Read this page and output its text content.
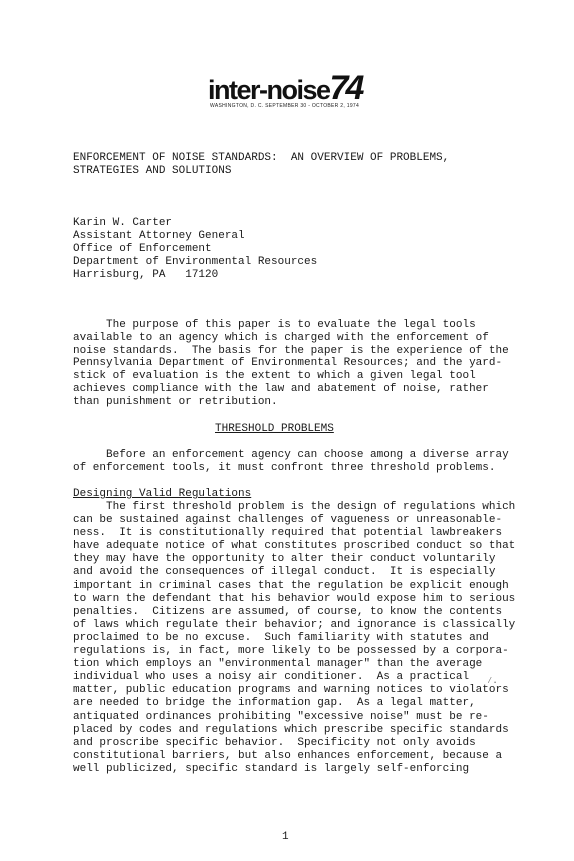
inter-noise74
WASHINGTON, D. C. SEPTEMBER 30 - OCTOBER 2, 1974
ENFORCEMENT OF NOISE STANDARDS:  AN OVERVIEW OF PROBLEMS,
STRATEGIES AND SOLUTIONS
Karin W. Carter
Assistant Attorney General
Office of Enforcement
Department of Environmental Resources
Harrisburg, PA   17120
The purpose of this paper is to evaluate the legal tools
available to an agency which is charged with the enforcement of
noise standards.  The basis for the paper is the experience of the
Pennsylvania Department of Environmental Resources; and the yard-
stick of evaluation is the extent to which a given legal tool
achieves compliance with the law and abatement of noise, rather
than punishment or retribution.
THRESHOLD PROBLEMS
Before an enforcement agency can choose among a diverse array
of enforcement tools, it must confront three threshold problems.
Designing Valid Regulations
The first threshold problem is the design of regulations which
can be sustained against challenges of vagueness or unreasonable-
ness.  It is constitutionally required that potential lawbreakers
have adequate notice of what constitutes proscribed conduct so that
they may have the opportunity to alter their conduct voluntarily
and avoid the consequences of illegal conduct.  It is especially
important in criminal cases that the regulation be explicit enough
to warn the defendant that his behavior would expose him to serious
penalties.  Citizens are assumed, of course, to know the contents
of laws which regulate their behavior; and ignorance is classically
proclaimed to be no excuse.  Such familiarity with statutes and
regulations is, in fact, more likely to be possessed by a corpora-
tion which employs an "environmental manager" than the average
individual who uses a noisy air conditioner.  As a practical
matter, public education programs and warning notices to violators
are needed to bridge the information gap.  As a legal matter,
antiquated ordinances prohibiting "excessive noise" must be re-
placed by codes and regulations which prescribe specific standards
and proscribe specific behavior.  Specificity not only avoids
constitutional barriers, but also enhances enforcement, because a
well publicized, specific standard is largely self-enforcing
⁄.
1
